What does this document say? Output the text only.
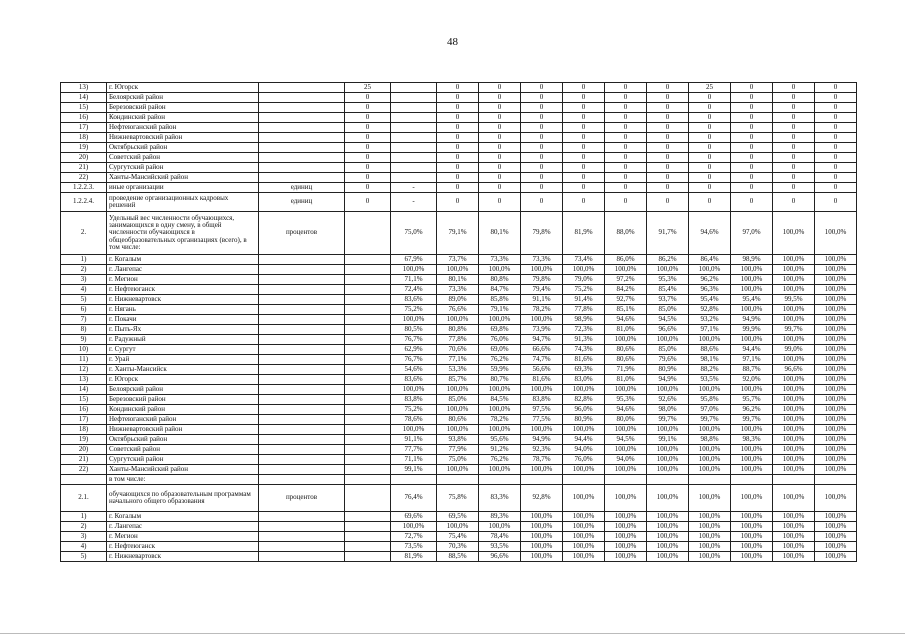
48
13)	г. Югорск		25		0	0	0	0	0	0	25	0	0	0
14)	Белоярский район		0		0	0	0	0	0	0	0	0	0	0
15)	Березовский район		0		0	0	0	0	0	0	0	0	0	0
16)	Кондинский район		0		0	0	0	0	0	0	0	0	0	0
17)	Нефтеюганский район		0		0	0	0	0	0	0	0	0	0	0
18)	Нижневартовский район		0		0	0	0	0	0	0	0	0	0	0
19)	Октябрьский район		0		0	0	0	0	0	0	0	0	0	0
20)	Советский район		0		0	0	0	0	0	0	0	0	0	0
21)	Сургутский район		0		0	0	0	0	0	0	0	0	0	0
22)	Ханты-Мансийский район		0		0	0	0	0	0	0	0	0	0	0
1.2.2.3.	иные организации	единиц	0	-	0	0	0	0	0	0	0	0	0	0
1.2.2.4.	проведение организационных кадровых решений	единиц	0	-	0	0	0	0	0	0	0	0	0	0
2.	Удельный вес численности обучающихся, занимающихся в одну смену, в общей численности обучающихся в общеобразовательных организациях (всего), в том числе:	процентов		75,0%	79,1%	80,1%	79,8%	81,9%	88,0%	91,7%	94,6%	97,0%	100,0%	100,0%
1)	г. Когалым			67,9%	73,7%	73,3%	73,3%	73,4%	86,0%	86,2%	86,4%	98,9%	100,0%	100,0%
2)	г. Лангепас			100,0%	100,0%	100,0%	100,0%	100,0%	100,0%	100,0%	100,0%	100,0%	100,0%	100,0%
3)	г. Мегион			71,1%	80,1%	80,8%	79,8%	79,0%	97,2%	95,3%	96,2%	100,0%	100,0%	100,0%
4)	г. Нефтеюганск			72,4%	73,3%	84,7%	79,4%	75,2%	84,2%	85,4%	96,3%	100,0%	100,0%	100,0%
5)	г. Нижневартовск			83,6%	89,0%	85,8%	91,1%	91,4%	92,7%	93,7%	95,4%	95,4%	99,5%	100,0%
6)	г. Нягань			75,2%	76,6%	79,1%	78,2%	77,8%	85,1%	85,0%	92,8%	100,0%	100,0%	100,0%
7)	г. Покачи			100,0%	100,0%	100,0%	100,0%	98,9%	94,6%	94,5%	93,2%	94,9%	100,0%	100,0%
8)	г. Пыть-Ях			80,5%	80,8%	69,8%	73,9%	72,3%	81,0%	96,6%	97,1%	99,9%	99,7%	100,0%
9)	г. Радужный			76,7%	77,8%	76,0%	94,7%	91,3%	100,0%	100,0%	100,0%	100,0%	100,0%	100,0%
10)	г. Сургут			62,9%	70,6%	69,0%	66,6%	74,3%	80,6%	85,0%	88,6%	94,4%	99,0%	100,0%
11)	г. Урай			76,7%	77,1%	76,2%	74,7%	81,6%	80,6%	79,6%	98,1%	97,1%	100,0%	100,0%
12)	г. Ханты-Мансийск			54,6%	53,3%	59,9%	56,6%	69,3%	71,9%	80,9%	88,2%	88,7%	96,6%	100,0%
13)	г. Югорск			83,6%	85,7%	80,7%	81,6%	83,0%	81,0%	94,9%	93,5%	92,0%	100,0%	100,0%
14)	Белоярский район			100,0%	100,0%	100,0%	100,0%	100,0%	100,0%	100,0%	100,0%	100,0%	100,0%	100,0%
15)	Березовский район			83,8%	85,0%	84,5%	83,8%	82,8%	95,3%	92,6%	95,8%	95,7%	100,0%	100,0%
16)	Кондинский район			75,2%	100,0%	100,0%	97,5%	96,0%	94,6%	98,0%	97,0%	96,2%	100,0%	100,0%
17)	Нефтеюганский район			78,6%	80,6%	78,2%	77,5%	80,9%	80,0%	99,7%	99,7%	99,7%	100,0%	100,0%
18)	Нижневартовский район			100,0%	100,0%	100,0%	100,0%	100,0%	100,0%	100,0%	100,0%	100,0%	100,0%	100,0%
19)	Октябрьский район			91,1%	93,8%	95,6%	94,9%	94,4%	94,5%	99,1%	98,8%	98,3%	100,0%	100,0%
20)	Советский район			77,7%	77,9%	91,2%	92,3%	94,0%	100,0%	100,0%	100,0%	100,0%	100,0%	100,0%
21)	Сургутский район			71,1%	75,0%	76,2%	78,7%	76,0%	94,0%	100,0%	100,0%	100,0%	100,0%	100,0%
22)	Ханты-Мансийский район			99,1%	100,0%	100,0%	100,0%	100,0%	100,0%	100,0%	100,0%	100,0%	100,0%	100,0%
	в том числе:													
2.1.	обучающихся по образовательным программам начального общего образования	процентов		76,4%	75,8%	83,3%	92,8%	100,0%	100,0%	100,0%	100,0%	100,0%	100,0%	100,0%
1)	г. Когалым			69,6%	69,5%	89,3%	100,0%	100,0%	100,0%	100,0%	100,0%	100,0%	100,0%	100,0%
2)	г. Лангепас			100,0%	100,0%	100,0%	100,0%	100,0%	100,0%	100,0%	100,0%	100,0%	100,0%	100,0%
3)	г. Мегион			72,7%	75,4%	78,4%	100,0%	100,0%	100,0%	100,0%	100,0%	100,0%	100,0%	100,0%
4)	г. Нефтеюганск			73,5%	70,3%	93,5%	100,0%	100,0%	100,0%	100,0%	100,0%	100,0%	100,0%	100,0%
5)	г. Нижневартовск			81,9%	88,5%	96,6%	100,0%	100,0%	100,0%	100,0%	100,0%	100,0%	100,0%	100,0%
